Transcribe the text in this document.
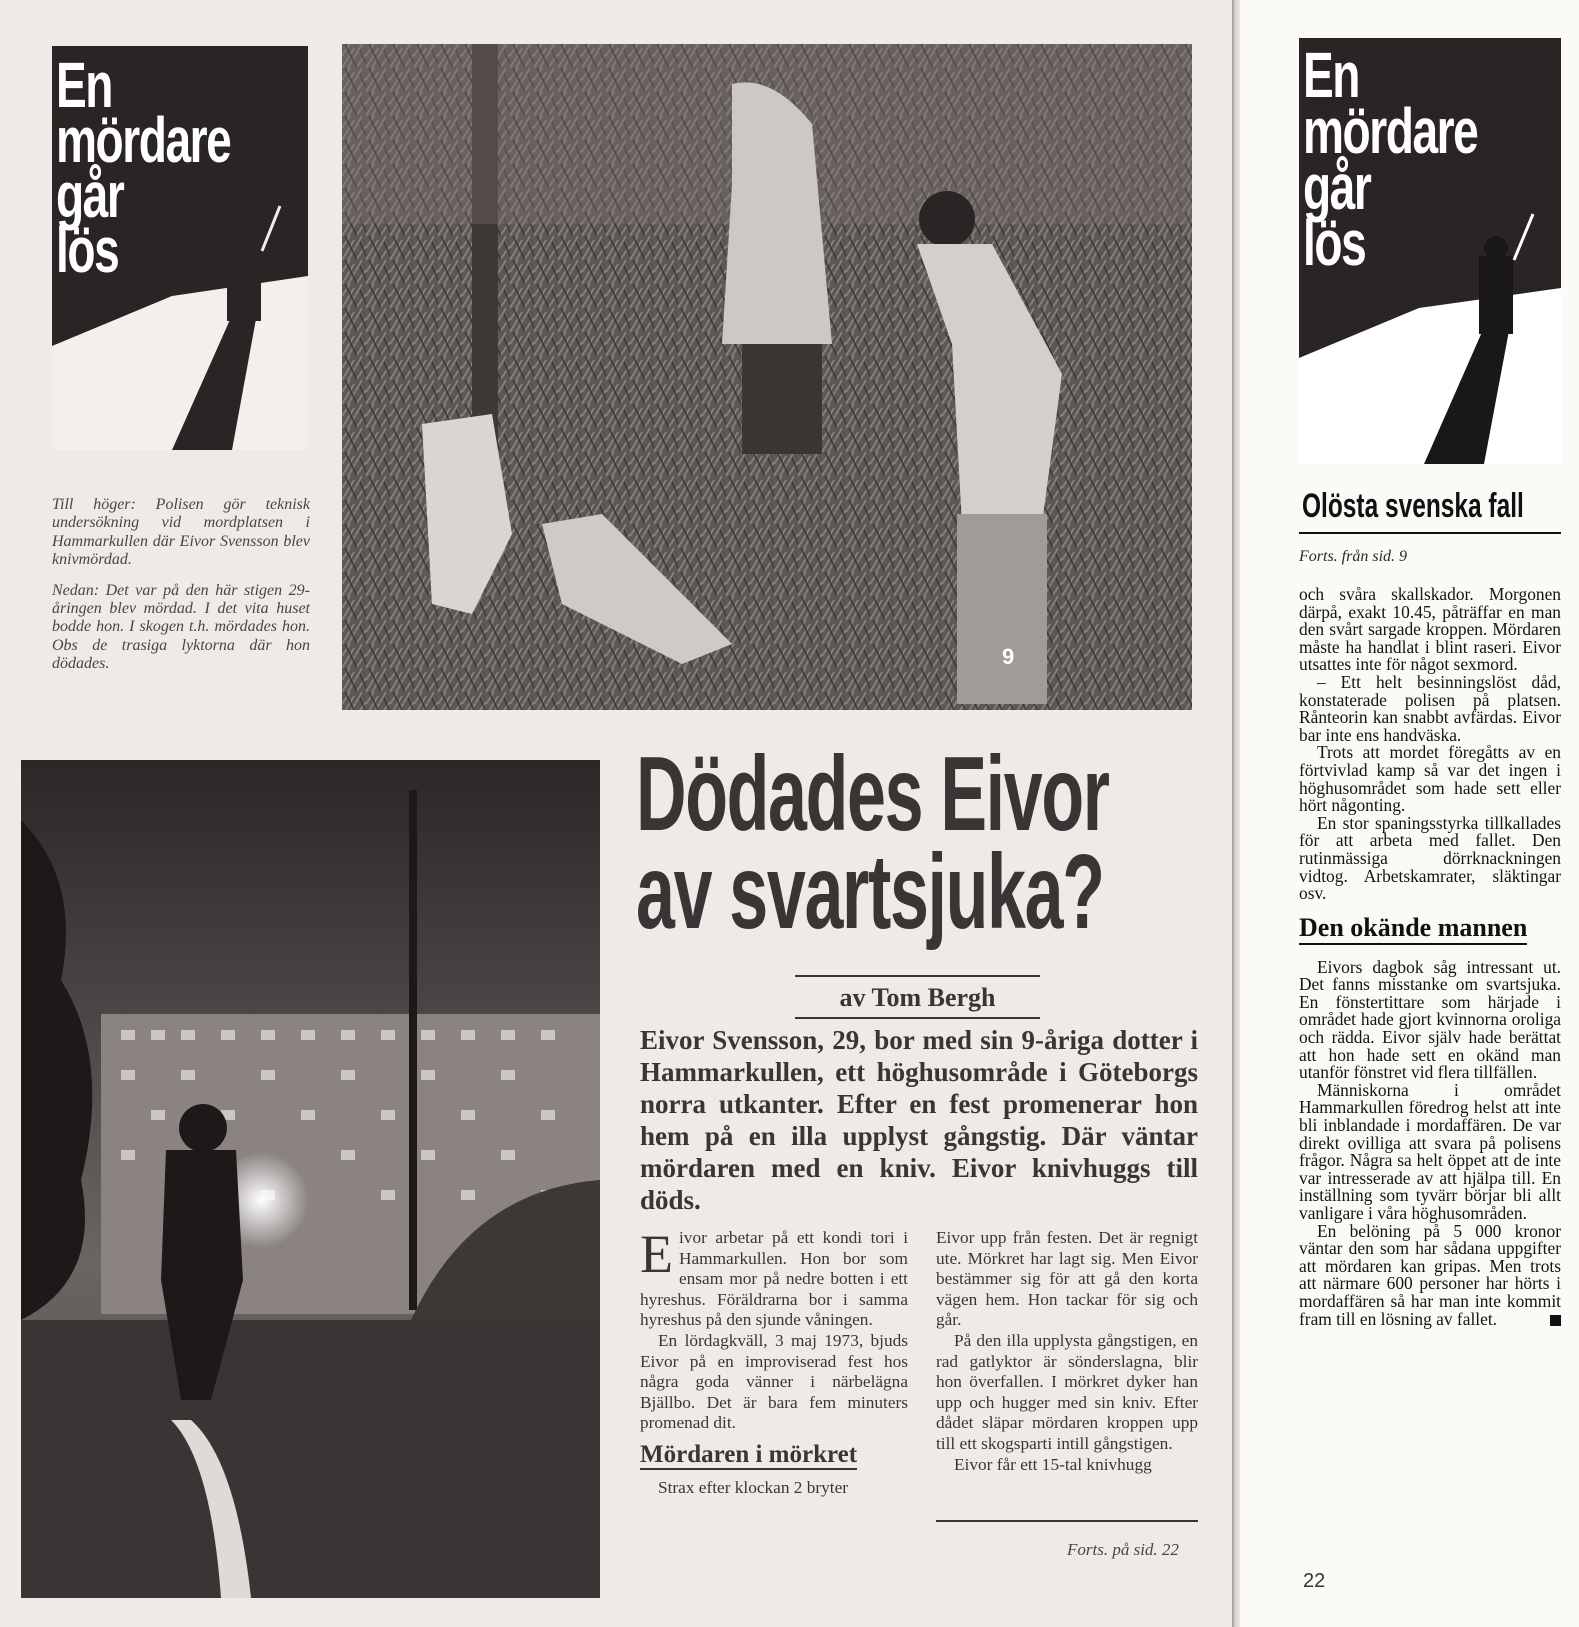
En
mördare
går
lös

Till höger: Polisen gör teknisk undersökning vid mordplatsen i Hammarkullen där Eivor Svensson blev knivmördad.

Nedan: Det var på den här stigen 29-åringen blev mördad. I det vita huset bodde hon. I skogen t.h. mördades hon. Obs de trasiga lyktorna där hon dödades.	9
Dödades Eivor
av svartsjuka?
av Tom Bergh
Eivor Svensson, 29, bor med sin 9-åriga dotter i Hammarkullen, ett höghusområde i Göteborgs norra utkanter. Efter en fest promenerar hon hem på en illa upplyst gångstig. Där väntar mördaren med en kniv. Eivor knivhuggs till döds.

Eivor arbetar på ett kondi tori i Hammarkullen. Hon bor som ensam mor på nedre botten i ett hyreshus. Föräldrarna bor i samma hyreshus på den sjunde våningen.

En lördagkväll, 3 maj 1973, bjuds Eivor på en improviserad fest hos några goda vänner i närbelägna Bjällbo. Det är bara fem minuters promenad dit.

Mördaren i mörkret

Strax efter klockan 2 bryter

Eivor upp från festen. Det är regnigt ute. Mörkret har lagt sig. Men Eivor bestämmer sig för att gå den korta vägen hem. Hon tackar för sig och går.

På den illa upplysta gångstigen, en rad gatlyktor är sönderslagna, blir hon överfallen. I mörkret dyker han upp och hugger med sin kniv. Efter dådet släpar mördaren kroppen upp till ett skogsparti intill gångstigen.

Eivor får ett 15-tal knivhugg

Forts. på sid. 22
8
En
mördare
går
lös
Olösta svenska fall
Forts. från sid. 9

och svåra skallskador. Morgonen därpå, exakt 10.45, påträffar en man den svårt sargade kroppen. Mördaren måste ha handlat i blint raseri. Eivor utsattes inte för något sexmord.

– Ett helt besinningslöst dåd, konstaterade polisen på platsen. Rånteorin kan snabbt avfärdas. Eivor bar inte ens handväska.

Trots att mordet föregåtts av en förtvivlad kamp så var det ingen i höghusområdet som hade sett eller hört någonting.

En stor spaningsstyrka tillkallades för att arbeta med fallet. Den rutinmässiga dörrknackningen vidtog. Arbetskamrater, släktingar osv.

Den okände mannen

Eivors dagbok såg intressant ut. Det fanns misstanke om svartsjuka. En fönstertittare som härjade i området hade gjort kvinnorna oroliga och rädda. Eivor själv hade berättat att hon hade sett en okänd man utanför fönstret vid flera tillfällen.

Människorna i området Hammarkullen föredrog helst att inte bli inblandade i mordaffären. De var direkt ovilliga att svara på polisens frågor. Några sa helt öppet att de inte var intresserade av att hjälpa till. En inställning som tyvärr börjar bli allt vanligare i våra höghusområden.

En belöning på 5 000 kronor väntar den som har sådana uppgifter att mördaren kan gripas. Men trots att närmare 600 personer har hörts i mordaffären så har man inte kommit fram till en lösning av fallet.

22
